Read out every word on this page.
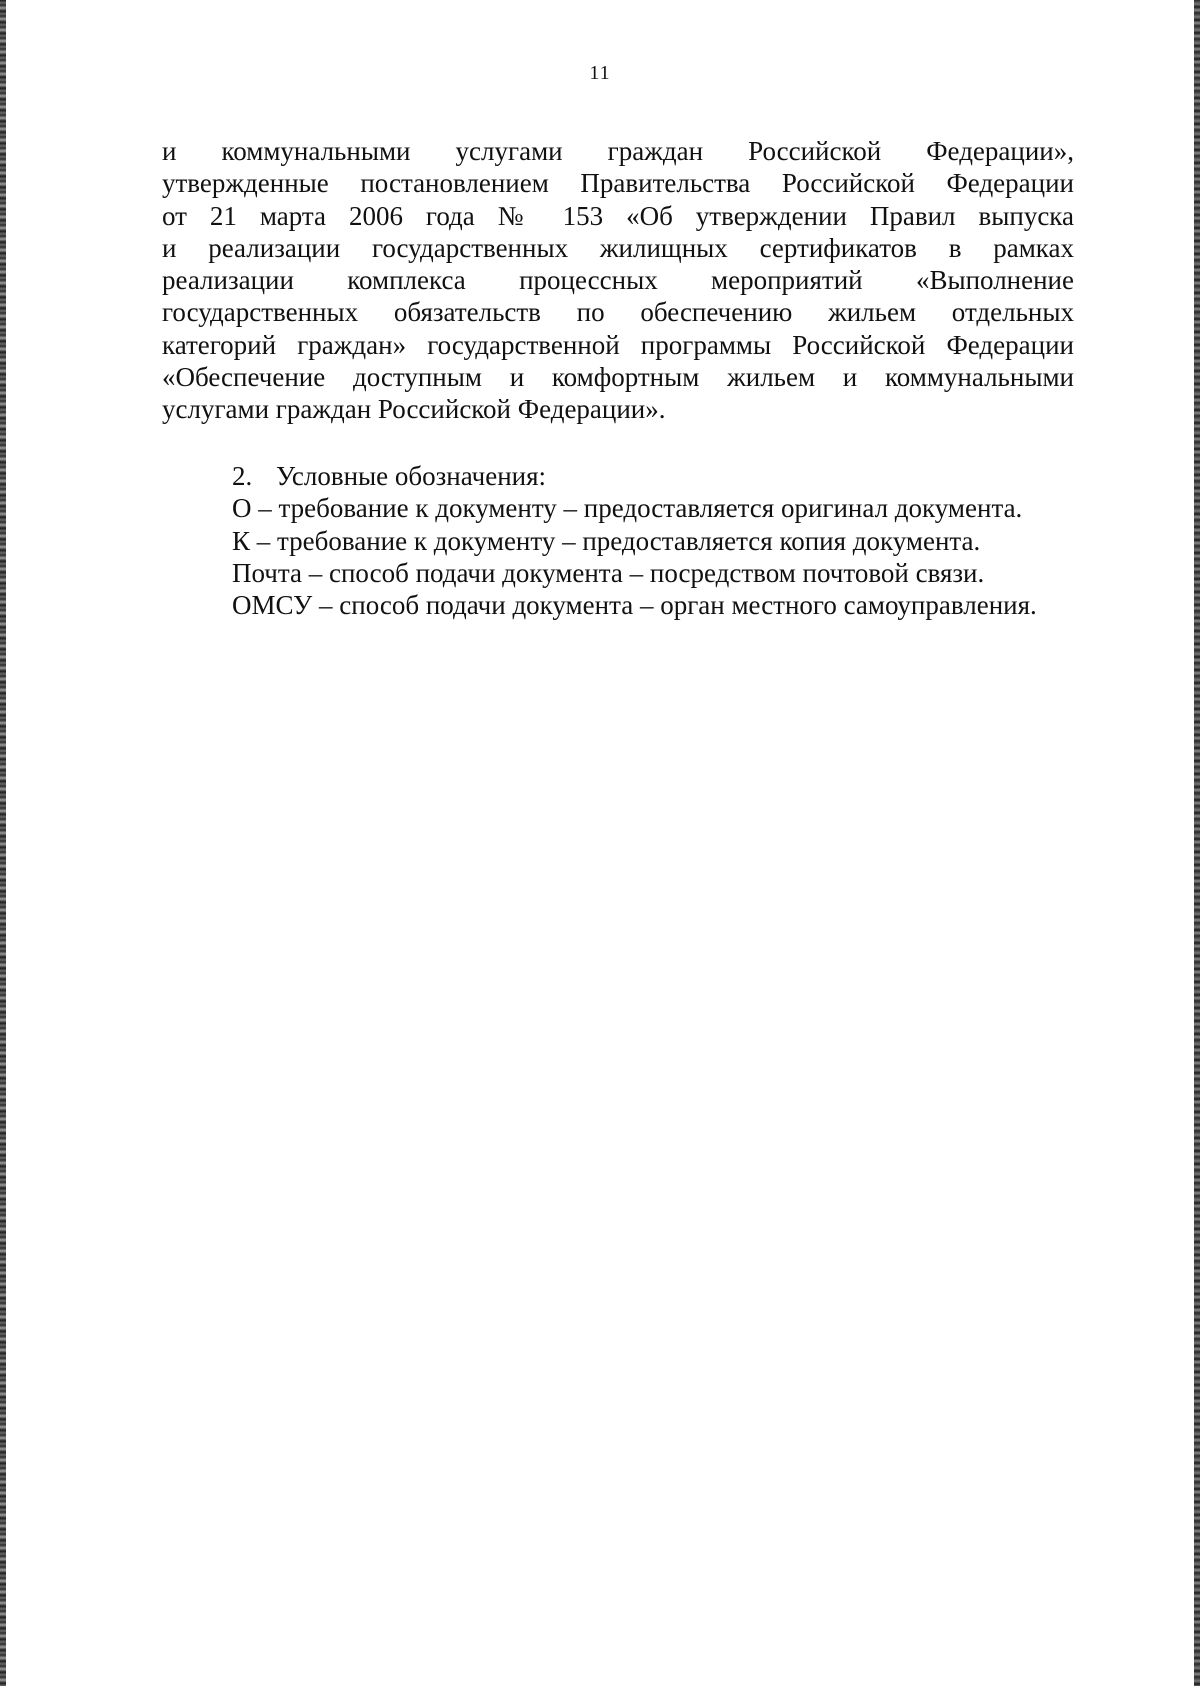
11
и коммунальными услугами граждан Российской Федерации»,
утвержденные постановлением Правительства Российской Федерации
от 21 марта 2006 года № 153 «Об утверждении Правил выпуска
и реализации государственных жилищных сертификатов в рамках
реализации комплекса процессных мероприятий «Выполнение
государственных обязательств по обеспечению жильем отдельных
категорий граждан» государственной программы Российской Федерации
«Обеспечение доступным и комфортным жильем и коммунальными
услугами граждан Российской Федерации».
2. Условные обозначения:
О – требование к документу – предоставляется оригинал документа.
К – требование к документу – предоставляется копия документа.
Почта – способ подачи документа – посредством почтовой связи.
ОМСУ – способ подачи документа – орган местного самоуправления.
